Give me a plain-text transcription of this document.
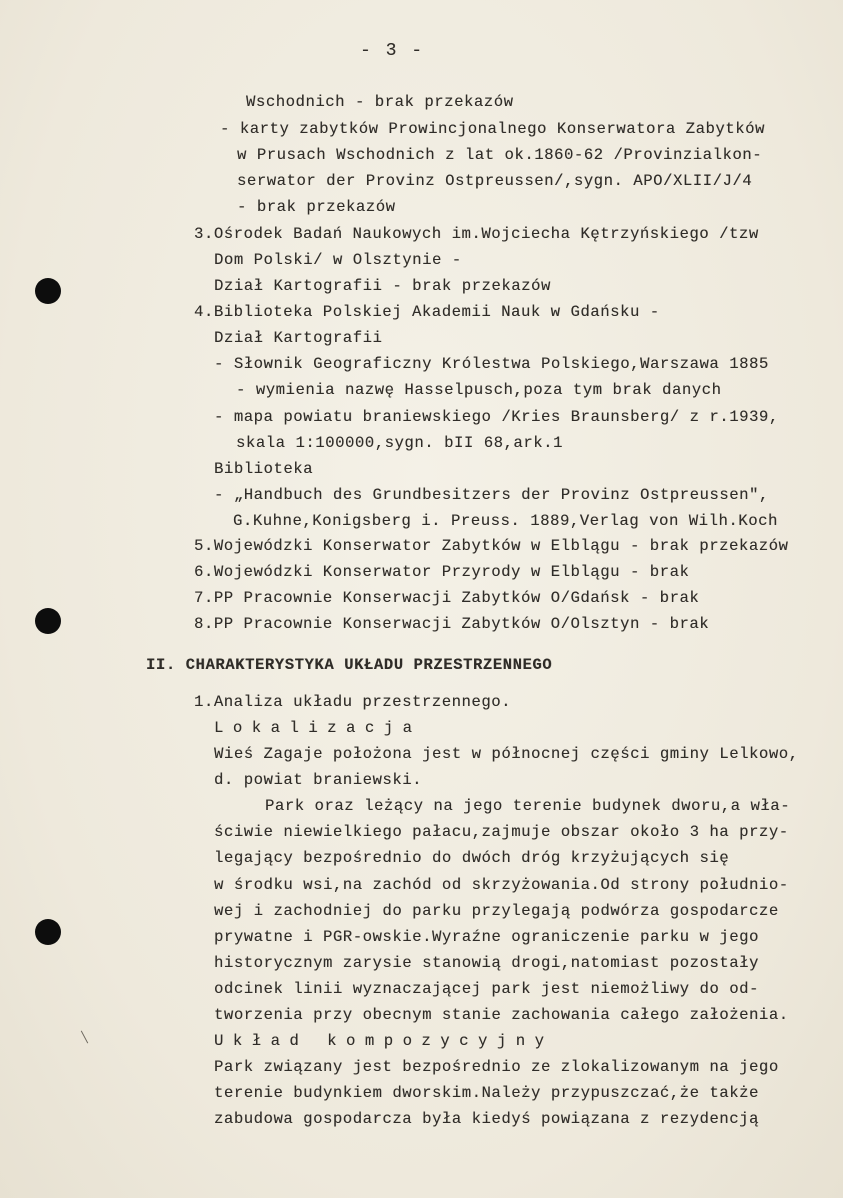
- 3 -
Wschodnich - brak przekazów
- karty zabytków Prowincjonalnego Konserwatora Zabytków
w Prusach Wschodnich z lat ok.1860-62 /Provinzialkon-
serwator der Provinz Ostpreussen/,sygn. APO/XLII/J/4
- brak przekazów
3.Ośrodek Badań Naukowych im.Wojciecha Kętrzyńskiego /tzw
Dom Polski/ w Olsztynie -
Dział Kartografii - brak przekazów
4.Biblioteka Polskiej Akademii Nauk w Gdańsku -
Dział Kartografii
- Słownik Geograficzny Królestwa Polskiego,Warszawa 1885
- wymienia nazwę Hasselpusch,poza tym brak danych
- mapa powiatu braniewskiego /Kries Braunsberg/ z r.1939,
skala 1:100000,sygn. bII 68,ark.1
Biblioteka
- „Handbuch des Grundbesitzers der Provinz Ostpreussen",
G.Kuhne,Konigsberg i. Preuss. 1889,Verlag von Wilh.Koch
5.Wojewódzki Konserwator Zabytków w Elblągu - brak przekazów
6.Wojewódzki Konserwator Przyrody w Elblągu - brak
7.PP Pracownie Konserwacji Zabytków O/Gdańsk - brak
8.PP Pracownie Konserwacji Zabytków O/Olsztyn - brak
II. CHARAKTERYSTYKA UKŁADU PRZESTRZENNEGO
1.Analiza układu przestrzennego.
Lokalizacja
Wieś Zagaje położona jest w północnej części gminy Lelkowo,
d. powiat braniewski.
Park oraz leżący na jego terenie budynek dworu,a wła-
ściwie niewielkiego pałacu,zajmuje obszar około 3 ha przy-
legający bezpośrednio do dwóch dróg krzyżujących się
w środku wsi,na zachód od skrzyżowania.Od strony południo-
wej i zachodniej do parku przylegają podwórza gospodarcze
prywatne i PGR-owskie.Wyraźne ograniczenie parku w jego
historycznym zarysie stanowią drogi,natomiast pozostały
odcinek linii wyznaczającej park jest niemożliwy do od-
tworzenia przy obecnym stanie zachowania całego założenia.
Układ kompozycyjny
Park związany jest bezpośrednio ze zlokalizowanym na jego
terenie budynkiem dworskim.Należy przypuszczać,że także
zabudowa gospodarcza była kiedyś powiązana z rezydencją
